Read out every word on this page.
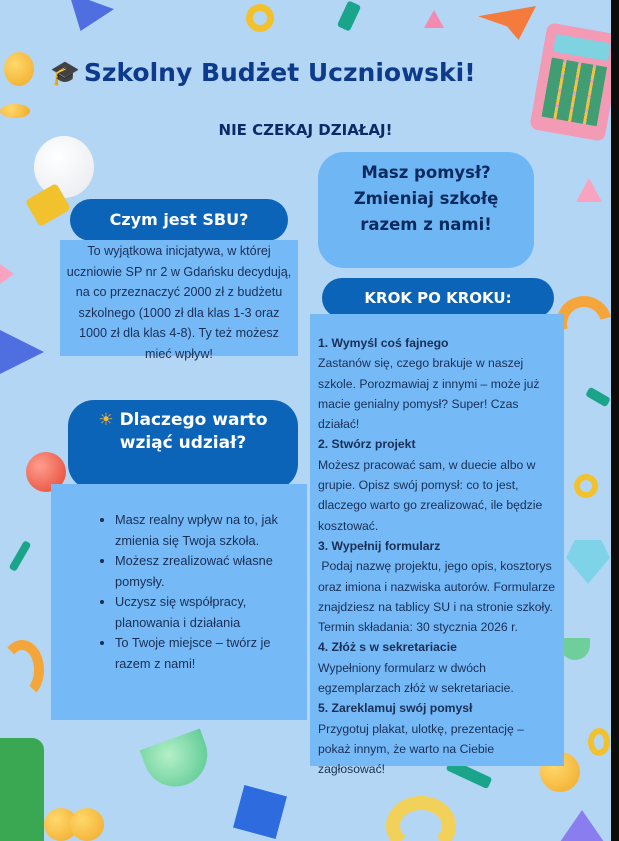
🎓 Szkolny Budżet Uczniowski!
NIE CZEKAJ DZIAŁAJ!
Masz pomysł? Zmieniaj szkołę razem z nami!
Czym jest SBU?
To wyjątkowa inicjatywa, w której uczniowie SP nr 2 w Gdańsku decydują, na co przeznaczyć 2000 zł z budżetu szkolnego (1000 zł dla klas 1-3 oraz 1000 zł dla klas 4-8). Ty też możesz mieć wpływ!
☀ Dlaczego warto wziąć udział?
• Masz realny wpływ na to, jak zmienia się Twoja szkoła.
• Możesz zrealizować własne pomysły.
• Uczysz się współpracy, planowania i działania
• To Twoje miejsce – twórz je razem z nami!
KROK PO KROKU:

1. Wymyśl coś fajnego

Zastanów się, czego brakuje w naszej szkole. Porozmawiaj z innymi – może już macie genialny pomysł? Super! Czas działać!

2. Stwórz projekt

Możesz pracować sam, w duecie albo w grupie. Opisz swój pomysł: co to jest, dlaczego warto go zrealizować, ile będzie kosztować.

3. Wypełnij formularz

Podaj nazwę projektu, jego opis, kosztorys oraz imiona i nazwiska autorów. Formularze znajdziesz na tablicy SU i na stronie szkoły. Termin składania: 30 stycznia 2026 r.

4. Złóż s w sekretariacie

Wypełniony formularz w dwóch egzemplarzach złóż w sekretariacie.

5. Zareklamuj swój pomysł

Przygotuj plakat, ulotkę, prezentację – pokaż innym, że warto na Ciebie zagłosować!
